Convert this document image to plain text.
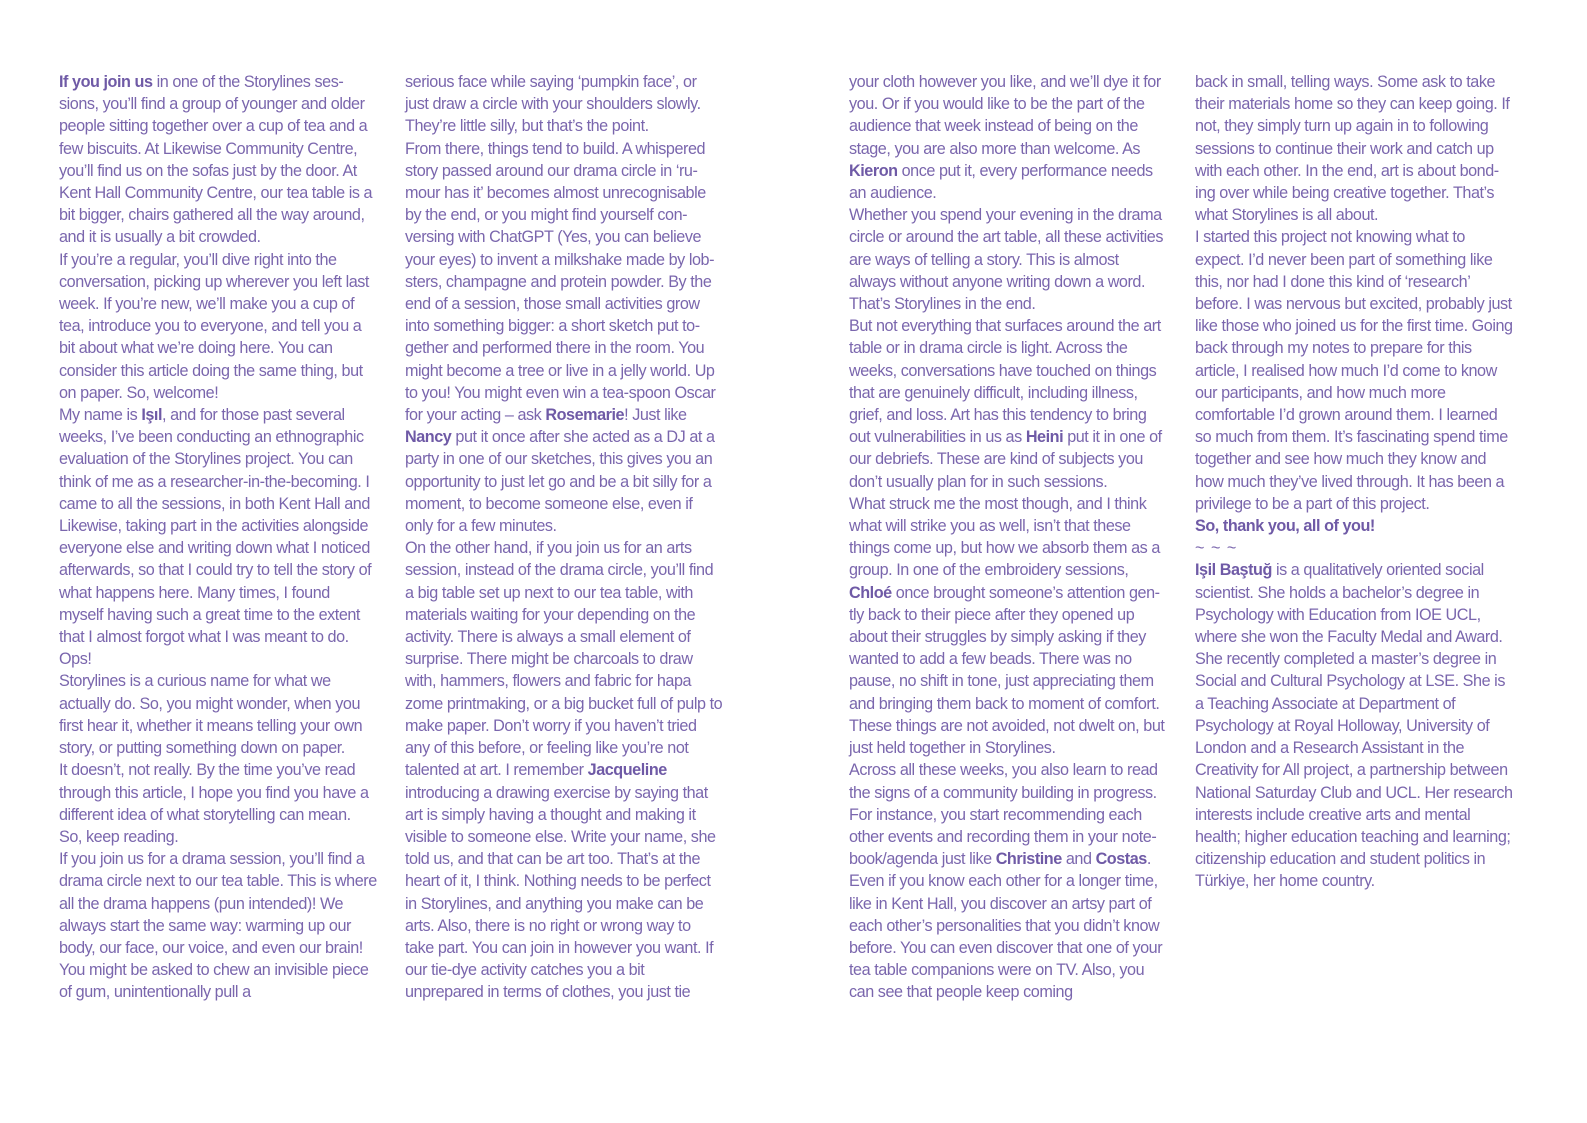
If you join us in one of the Storylines sessions, you’ll find a group of younger and older people sitting together over a cup of tea and a few biscuits. At Likewise Community Centre, you’ll find us on the sofas just by the door. At Kent Hall Community Centre, our tea table is a bit bigger, chairs gathered all the way around, and it is usually a bit crowded.

If you’re a regular, you’ll dive right into the conversation, picking up wherever you left last week. If you’re new, we’ll make you a cup of tea, introduce you to everyone, and tell you a bit about what we’re doing here. You can consider this article doing the same thing, but on paper. So, welcome!

My name is Işıl, and for those past several weeks, I’ve been conducting an ethnographic evaluation of the Storylines project. You can think of me as a researcher-in-the-becoming. I came to all the sessions, in both Kent Hall and Likewise, taking part in the activities alongside everyone else and writing down what I noticed afterwards, so that I could try to tell the story of what happens here. Many times, I found myself having such a great time to the extent that I almost forgot what I was meant to do. Ops!

Storylines is a curious name for what we actually do. So, you might wonder, when you first hear it, whether it means telling your own story, or putting something down on paper.

It doesn’t, not really. By the time you’ve read through this article, I hope you find you have a different idea of what storytelling can mean. So, keep reading.

If you join us for a drama session, you’ll find a drama circle next to our tea table. This is where all the drama happens (pun intended)! We always start the same way: warming up our body, our face, our voice, and even our brain! You might be asked to chew an invisible piece of gum, unintentionally pull a

serious face while saying ‘pumpkin face’, or just draw a circle with your shoulders slowly. They’re little silly, but that’s the point.

From there, things tend to build. A whispered story passed around our drama circle in ‘rumour has it’ becomes almost unrecognisable by the end, or you might find yourself conversing with ChatGPT (Yes, you can believe your eyes) to invent a milkshake made by lobsters, champagne and protein powder. By the end of a session, those small activities grow into something bigger: a short sketch put together and performed there in the room. You might become a tree or live in a jelly world. Up to you! You might even win a tea-spoon Oscar for your acting – ask Rosemarie! Just like Nancy put it once after she acted as a DJ at a party in one of our sketches, this gives you an opportunity to just let go and be a bit silly for a moment, to become someone else, even if only for a few minutes.

On the other hand, if you join us for an arts session, instead of the drama circle, you’ll find a big table set up next to our tea table, with materials waiting for your depending on the activity. There is always a small element of surprise. There might be charcoals to draw with, hammers, flowers and fabric for hapa zome printmaking, or a big bucket full of pulp to make paper. Don’t worry if you haven’t tried any of this before, or feeling like you’re not talented at art. I remember Jacqueline introducing a drawing exercise by saying that art is simply having a thought and making it visible to someone else. Write your name, she told us, and that can be art too. That’s at the heart of it, I think. Nothing needs to be perfect in Storylines, and anything you make can be arts. Also, there is no right or wrong way to take part. You can join in however you want. If our tie-dye activity catches you a bit unprepared in terms of clothes, you just tie

your cloth however you like, and we’ll dye it for you. Or if you would like to be the part of the audience that week instead of being on the stage, you are also more than welcome. As Kieron once put it, every performance needs an audience.

Whether you spend your evening in the drama circle or around the art table, all these activities are ways of telling a story. This is almost always without anyone writing down a word. That’s Storylines in the end.

But not everything that surfaces around the art table or in drama circle is light. Across the weeks, conversations have touched on things that are genuinely difficult, including illness, grief, and loss. Art has this tendency to bring out vulnerabilities in us as Heini put it in one of our debriefs. These are kind of subjects you don’t usually plan for in such sessions.

What struck me the most though, and I think what will strike you as well, isn’t that these things come up, but how we absorb them as a group. In one of the embroidery sessions, Chloé once brought someone’s attention gently back to their piece after they opened up about their struggles by simply asking if they wanted to add a few beads. There was no pause, no shift in tone, just appreciating them and bringing them back to moment of comfort. These things are not avoided, not dwelt on, but just held together in Storylines.

Across all these weeks, you also learn to read the signs of a community building in progress. For instance, you start recommending each other events and recording them in your notebook/agenda just like Christine and Costas. Even if you know each other for a longer time, like in Kent Hall, you discover an artsy part of each other’s personalities that you didn’t know before. You can even discover that one of your tea table companions were on TV. Also, you can see that people keep coming

back in small, telling ways. Some ask to take their materials home so they can keep going. If not, they simply turn up again in to following sessions to continue their work and catch up with each other. In the end, art is about bonding over while being creative together. That’s what Storylines is all about.

I started this project not knowing what to expect. I’d never been part of something like this, nor had I done this kind of ‘research’ before. I was nervous but excited, probably just like those who joined us for the first time. Going back through my notes to prepare for this article, I realised how much I’d come to know our participants, and how much more comfortable I’d grown around them. I learned so much from them. It’s fascinating spend time together and see how much they know and how much they’ve lived through. It has been a privilege to be a part of this project.

So, thank you, all of you!

~ ~ ~

Işil Baştuğ is a qualitatively oriented social scientist. She holds a bachelor’s degree in Psychology with Education from IOE UCL, where she won the Faculty Medal and Award. She recently completed a master’s degree in Social and Cultural Psychology at LSE. She is a Teaching Associate at Department of Psychology at Royal Holloway, University of London and a Research Assistant in the Creativity for All project, a partnership between National Saturday Club and UCL. Her research interests include creative arts and mental health; higher education teaching and learning; citizenship education and student politics in Türkiye, her home country.
